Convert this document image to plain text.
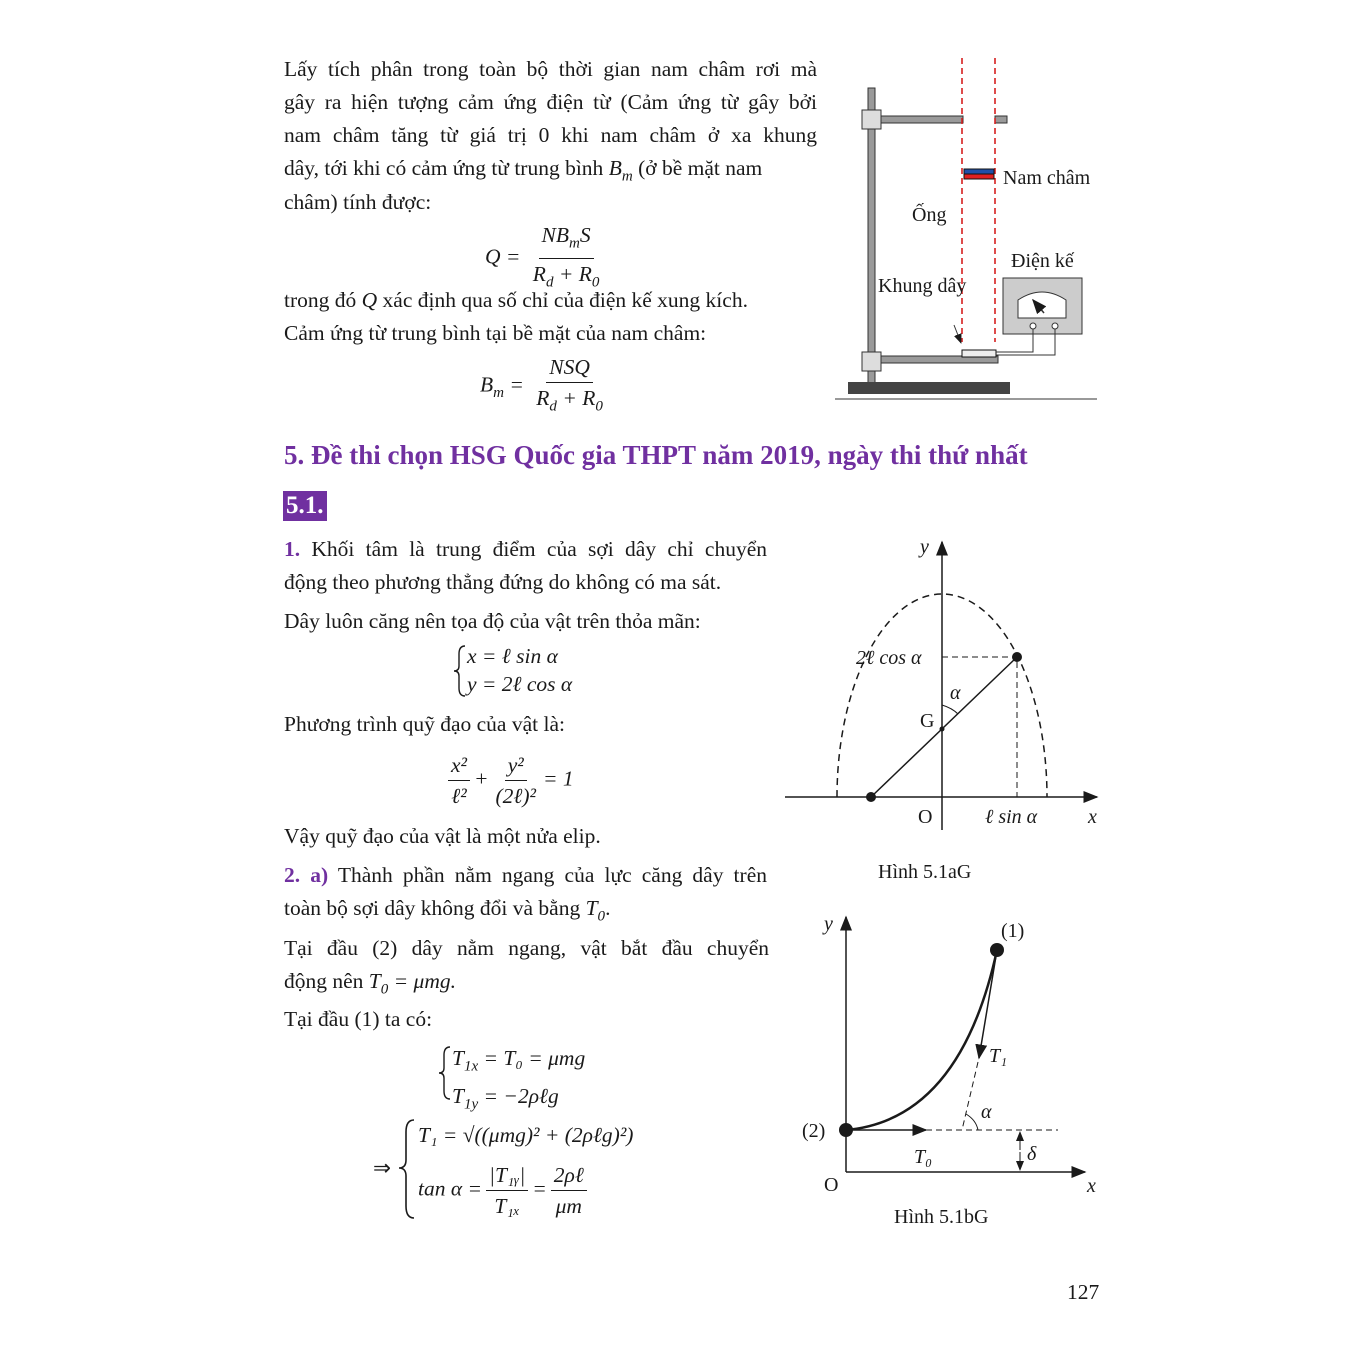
Lấy tích phân trong toàn bộ thời gian nam châm rơi mà
gây ra hiện tượng cảm ứng điện từ (Cảm ứng từ gây bởi
nam châm tăng từ giá trị 0 khi nam châm ở xa khung
dây, tới khi có cảm ứng từ trung bình $B_m$ (ở bề mặt nam
châm) tính được:
$Q = \frac{NB_mS}{R_d + R_0}$
trong đó Q xác định qua số chỉ của điện kế xung kích.
Cảm ứng từ trung bình tại bề mặt của nam châm:
$B_m = \frac{\text{NSQ}}{R_d + R_0}$
5. Đề thi chọn HSG Quốc gia THPT năm 2019, ngày thi thứ nhất
5.1.
1. Khối tâm là trung điểm của sợi dây chỉ chuyển
động theo phương thẳng đứng do không có ma sát.
Dây luôn căng nên tọa độ của vật trên thỏa mãn:
x = ℓ sin α
y = 2ℓ cos α
Phương trình quỹ đạo của vật là:
$\frac{\text{x²}}{\text{ℓ²}} + \frac{\text{y²}}{\text{(2ℓ)²}} = 1$
Vậy quỹ đạo của vật là một nửa elip.
2. a) Thành phần nằm ngang của lực căng dây trên
toàn bộ sợi dây không đổi và bằng $T_0$.
Tại đầu (2) dây nằm ngang, vật bắt đầu chuyển
động nên $T_0 = \mu mg$.
Tại đầu (1) ta có:
$T_{1x} = T_0 = \mu mg$
$T_{1y}$ = −2ρℓg
⇒
T₁ = √((μmg)² + (2ρℓg)²)
$\tan \alpha = \frac{\text{|T₁ᵧ|}}{\text{T₁ₓ}} = \frac{\text{2ρℓ}}{\mu m}$
127
Nam châm
Ống
Khung dây
Điện kế
y
x
O
2ℓ cos α
α
G
ℓ sin α
Hình 5.1aG
y
x
O
(1)
(2)
T₁
T₀
α
δ
Hình 5.1bG
